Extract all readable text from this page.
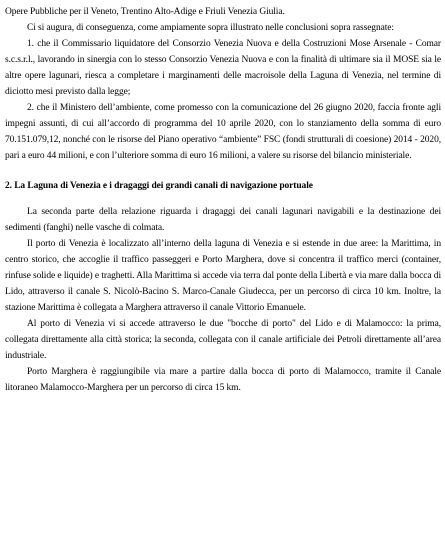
Opere Pubbliche per il Veneto, Trentino Alto-Adige e Friuli Venezia Giulia.

Ci si augura, di conseguenza, come ampiamente sopra illustrato nelle conclusioni sopra rassegnate:

1. che il Commissario liquidatore del Consorzio Venezia Nuova e della Costruzioni Mose Arsenale - Comar s.c.s.r.l., lavorando in sinergia con lo stesso Consorzio Venezia Nuova e con la finalità di ultimare sia il MOSE sia le altre opere lagunari, riesca a completare i marginamenti delle macroisole della Laguna di Venezia, nel termine di diciotto mesi previsto dalla legge;

2. che il Ministero dell’ambiente, come promesso con la comunicazione del 26 giugno 2020, faccia fronte agli impegni assunti, di cui all’accordo di programma del 10 aprile 2020, con lo stanziamento della somma di euro 70.151.079,12, nonché con le risorse del Piano operativo “ambiente” FSC (fondi strutturali di coesione) 2014 - 2020, pari a euro 44 milioni, e con l’ulteriore somma di euro 16 milioni, a valere su risorse del bilancio ministeriale.

2. La Laguna di Venezia e i dragaggi dei grandi canali di navigazione portuale

La seconda parte della relazione riguarda i dragaggi dei canali lagunari navigabili e la destinazione dei sedimenti (fanghi) nelle vasche di colmata.

Il porto di Venezia è localizzato all’interno della laguna di Venezia e si estende in due aree: la Marittima, in centro storico, che accoglie il traffico passeggeri e Porto Marghera, dove si concentra il traffico merci (container, rinfuse solide e liquide) e traghetti. Alla Marittima si accede via terra dal ponte della Libertà e via mare dalla bocca di Lido, attraverso il canale S. Nicolò-Bacino S. Marco-Canale Giudecca, per un percorso di circa 10 km. Inoltre, la stazione Marittima è collegata a Marghera attraverso il canale Vittorio Emanuele.

Al porto di Venezia vi si accede attraverso le due "bocche di porto" del Lido e di Malamocco: la prima, collegata direttamente alla città storica; la seconda, collegata con il canale artificiale dei Petroli direttamente all’area industriale.

Porto Marghera è raggiungibile via mare a partire dalla bocca di porto di Malamocco, tramite il Canale litoraneo Malamocco-Marghera per un percorso di circa 15 km.
